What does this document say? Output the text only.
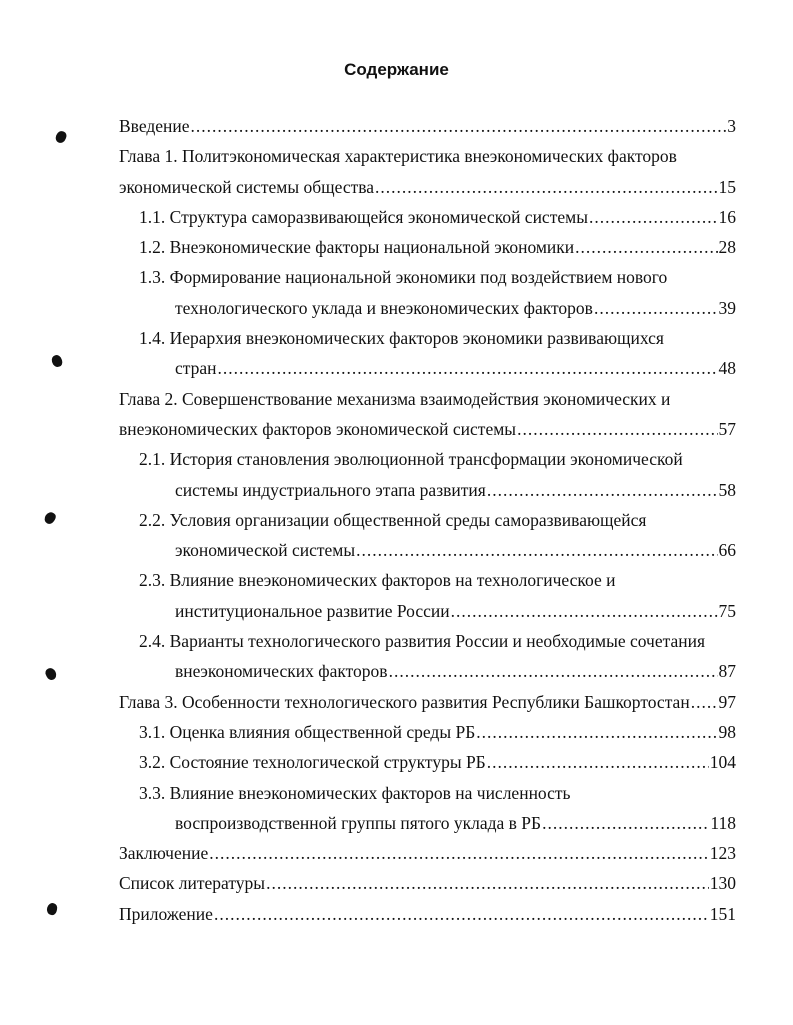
Содержание
Введение .....	3
Глава 1. Политэкономическая характеристика внеэкономических факторов
экономической системы общества .....	15
1.1. Структура саморазвивающейся экономической системы .....	16
1.2. Внеэкономические факторы национальной экономики .....	28
1.3. Формирование национальной экономики под воздействием нового
технологического уклада и внеэкономических факторов .....	39
1.4. Иерархия внеэкономических факторов экономики развивающихся
стран .....	48
Глава 2. Совершенствование механизма взаимодействия экономических и
внеэкономических факторов экономической системы .....	57
2.1. История становления эволюционной трансформации экономической
системы индустриального этапа развития .....	58
2.2. Условия организации общественной среды саморазвивающейся
экономической системы .....	66
2.3. Влияние внеэкономических факторов на технологическое и
институциональное развитие России .....	75
2.4. Варианты технологического развития России и необходимые сочетания
внеэкономических факторов .....	87
Глава 3. Особенности технологического развития Республики Башкортостан ..... 97
3.1. Оценка влияния общественной среды РБ .....	98
3.2. Состояние технологической структуры РБ .....	104
3.3. Влияние внеэкономических факторов на численность
воспроизводственной группы пятого уклада в РБ .....	118
Заключение .....	123
Список литературы .....	130
Приложение .....	151
